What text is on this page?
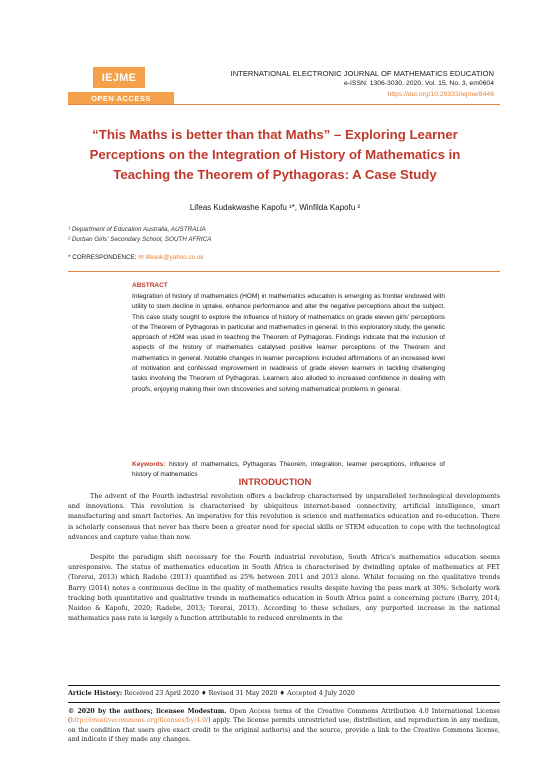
IEJME
OPEN ACCESS
INTERNATIONAL ELECTRONIC JOURNAL OF MATHEMATICS EDUCATION
e-ISSN: 1306-3030. 2020, Vol. 15, No. 3, em0604
https://doi.org/10.29333/iejme/8446
“This Maths is better than that Maths” – Exploring Learner
Perceptions on the Integration of History of Mathematics in
Teaching the Theorem of Pythagoras: A Case Study
Lifeas Kudakwashe Kapofu ¹*, Winfilda Kapofu ²
¹ Department of Education Australia, AUSTRALIA
² Durban Girls' Secondary School, SOUTH AFRICA
* CORRESPONDENCE: ✉ lifeask@yahoo.co.uk
ABSTRACT
Integration of history of mathematics (HOM) in mathematics education is emerging as frontier endowed with utility to stem decline in uptake, enhance performance and alter the negative perceptions about the subject. This case study sought to explore the influence of history of mathematics on grade eleven girls' perceptions of the Theorem of Pythagoras in particular and mathematics in general. In this exploratory study, the genetic approach of HOM was used in teaching the Theorem of Pythagoras. Findings indicate that the inclusion of aspects of the history of mathematics catalysed positive learner perceptions of the Theorem and mathematics in general. Notable changes in learner perceptions included affirmations of an increased level of motivation and confessed improvement in readiness of grade eleven learners in tackling challenging tasks involving the Theorem of Pythagoras. Learners also alluded to increased confidence in dealing with proofs, enjoying making their own discoveries and solving mathematical problems in general.
Keywords: history of mathematics, Pythagoras Theorem, integration, learner perceptions, influence of history of mathematics
INTRODUCTION
The advent of the Fourth industrial revolution offers a backdrop characterised by unparalleled technological developments and innovations. This revolution is characterised by ubiquitous internet-based connectivity, artificial intelligence, smart manufacturing and smart factories. An imperative for this revolution is science and mathematics education and re-education. There is scholarly consensus that never has there been a greater need for special skills or STEM education to cope with the technological advances and capture value than now.
Despite the paradigm shift necessary for the Fourth industrial revolution, South Africa's mathematics education seems unresponsive. The status of mathematics education in South Africa is characterised by dwindling uptake of mathematics at FET (Torerai, 2013) which Radebe (2013) quantified as 25% between 2011 and 2013 alone. Whilst focusing on the qualitative trends Barry (2014) notes a continuous decline in the quality of mathematics results despite having the pass mark at 30%. Scholarly work tracking both quantitative and qualitative trends in mathematics education in South Africa paint a concerning picture (Barry, 2014; Naidoo & Kapofu, 2020; Radebe, 2013; Torerai, 2013). According to these scholars, any purported increase in the national mathematics pass rate is largely a function attributable to reduced enrolments in the
Article History: Received 23 April 2020 ♦ Revised 31 May 2020 ♦ Accepted 4 July 2020
© 2020 by the authors; licensee Modestum. Open Access terms of the Creative Commons Attribution 4.0 International License (http://creativecommons.org/licenses/by/4.0/) apply. The license permits unrestricted use, distribution, and reproduction in any medium, on the condition that users give exact credit to the original author(s) and the source, provide a link to the Creative Commons license, and indicate if they made any changes.
